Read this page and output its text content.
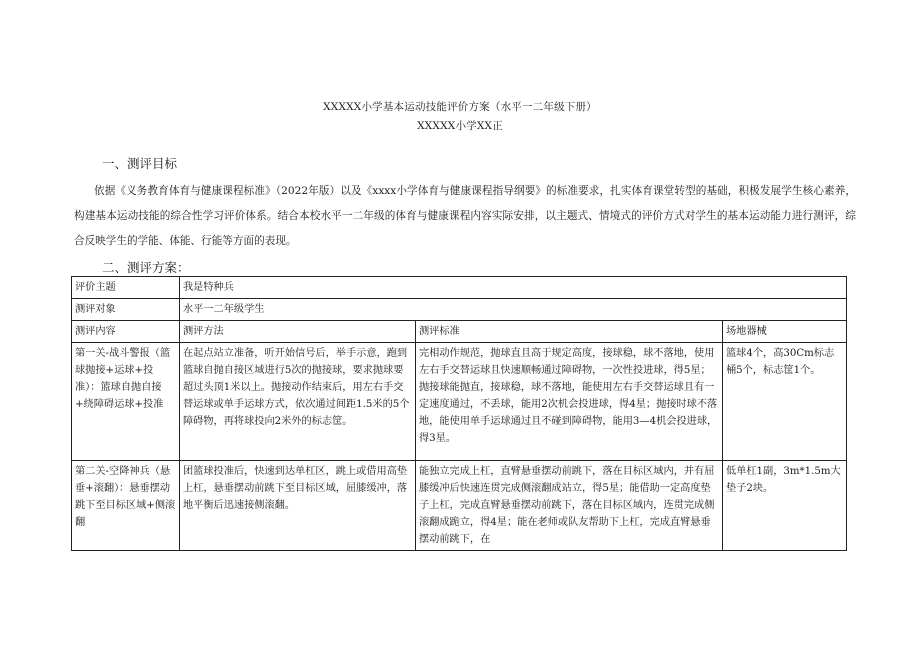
XXXXX小学基本运动技能评价方案（水平一二年级下册）
XXXXX小学XX正
一、测评目标
依据《义务教育体育与健康课程标准》（2022年版）以及《xxxx小学体育与健康课程指导纲要》的标准要求，扎实体育课堂转型的基础，积极发展学生核心素养，构建基本运动技能的综合性学习评价体系。结合本校水平一二年级的体育与健康课程内容实际安排，以主题式、情境式的评价方式对学生的基本运动能力进行测评，综合反映学生的学能、体能、行能等方面的表现。
二、测评方案：
评价主题	我是特种兵		
测评对象	水平一二年级学生		
测评内容	测评方法	测评标准	场地器械
第一关-战斗警报（篮球抛接+运球+投准）：篮球自抛自接+绕障碍运球+投准	在起点站立准备，听开始信号后，举手示意，跑到篮球自抛自接区域进行5次的抛接球，要求抛球要超过头顶1米以上。抛接动作结束后，用左右手交替运球或单手运球方式，依次通过间距1.5米的5个障碍物，再将球投向2米外的标志筐。	完相动作规范，抛球直且高于规定高度，接球稳，球不落地，使用左右手交替运球且快速顺畅通过障碍物，一次性投进球，得5星；抛接球能抛直，接球稳，球不落地，能使用左右手交替运球且有一定速度通过，不丢球，能用2次机会投进球，得4星；抛接时球不落地，能使用单手运球通过且不碰到障碍物，能用3—4机会投进球，得3星。	篮球4个，高30Cm标志桶5个，标志筐1个。
第二关-空降神兵（悬垂+滚翻）：悬垂摆动跳下至目标区域+侧滚翻	团篮球投准后，快速到达单杠区，跳上或借用高垫上杠，悬垂摆动前跳下至目标区域，屈膝缓冲，落地平衡后迅速接侧滚翻。	能独立完成上杠，直臂悬垂摆动前跳下，落在目标区域内，并有屈膝缓冲后快速连贯完成侧滚翻成站立，得5星；能借助一定高度垫子上杠，完成直臂悬垂摆动前跳下，落在目标区域内，连贯完成侧滚翻成跪立，得4星；能在老师或队友帮助下上杠，完成直臂悬垂摆动前跳下，在	低单杠1副，3m*1.5m大垫子2块。
